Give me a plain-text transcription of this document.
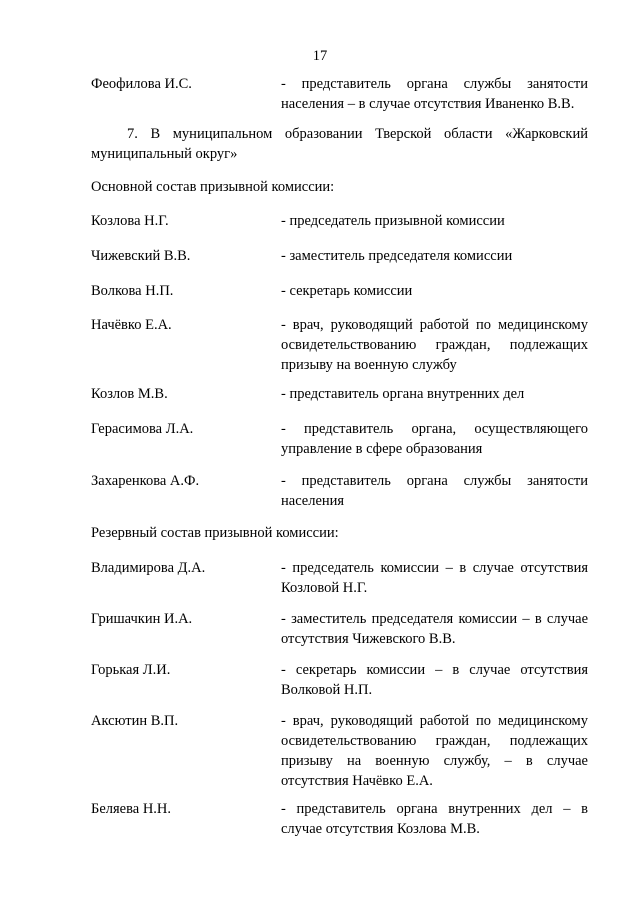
17
Феофилова И.С.	- представитель органа службы занятости населения – в случае отсутствия Иваненко В.В.
7. В муниципальном образовании Тверской области «Жарковский
муниципальный округ»
Основной состав призывной комиссии:
Козлова Н.Г.	- председатель призывной комиссии
Чижевский В.В.	- заместитель председателя комиссии
Волкова Н.П.	- секретарь комиссии
Начёвко Е.А.	- врач, руководящий работой по медицинскому освидетельствованию граждан, подлежащих призыву на военную службу
Козлов М.В.	- представитель органа внутренних дел
Герасимова Л.А.	- представитель органа, осуществляющего управление в сфере образования
Захаренкова А.Ф.	- представитель органа службы занятости населения
Резервный состав призывной комиссии:
Владимирова Д.А.	- председатель комиссии – в случае отсутствия Козловой Н.Г.
Гришачкин И.А.	- заместитель председателя комиссии – в случае отсутствия Чижевского В.В.
Горькая Л.И.	- секретарь комиссии – в случае отсутствия Волковой Н.П.
Аксютин В.П.	- врач, руководящий работой по медицинскому освидетельствованию граждан, подлежащих призыву на военную службу, – в случае отсутствия Начёвко Е.А.
Беляева Н.Н.	- представитель органа внутренних дел – в случае отсутствия Козлова М.В.
